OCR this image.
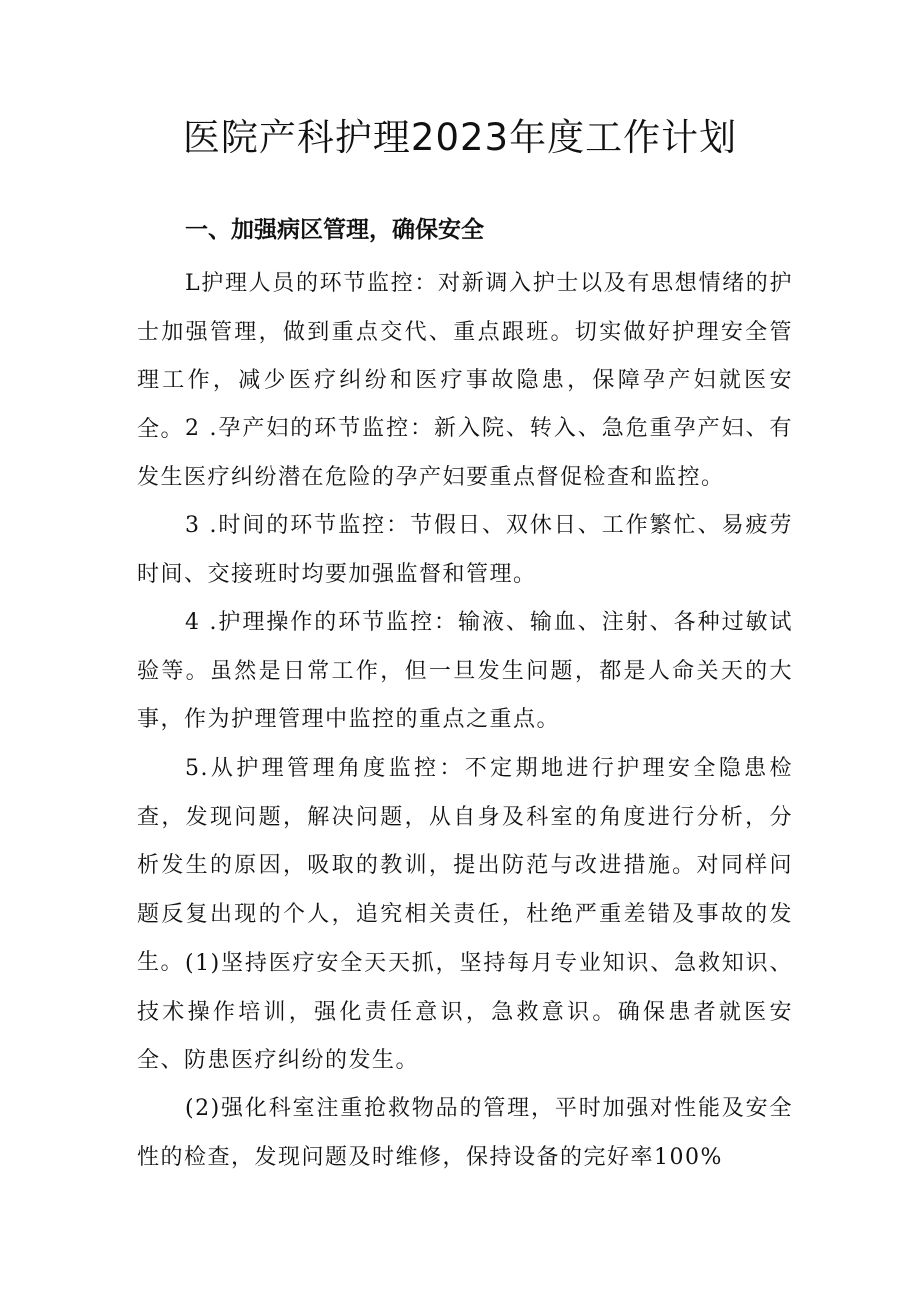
医院产科护理2023年度工作计划
一、加强病区管理，确保安全

L护理人员的环节监控：对新调入护士以及有思想情绪的护士加强管理，做到重点交代、重点跟班。切实做好护理安全管理工作，减少医疗纠纷和医疗事故隐患，保障孕产妇就医安全。 2 .孕产妇的环节监控：新入院、转入、急危重孕产妇、有发生医疗纠纷潜在危险的孕产妇要重点督促检查和监控。

3 .时间的环节监控：节假日、双休日、工作繁忙、易疲劳时间、交接班时均要加强监督和管理。

4 .护理操作的环节监控：输液、输血、注射、各种过敏试验等。虽然是日常工作，但一旦发生问题，都是人命关天的大事，作为护理管理中监控的重点之重点。

5.从护理管理角度监控：不定期地进行护理安全隐患检查，发现问题，解决问题，从自身及科室的角度进行分析，分析发生的原因，吸取的教训，提出防范与改进措施。对同样问题反复出现的个人，追究相关责任，杜绝严重差错及事故的发生。 (1)坚持医疗安全天天抓，坚持每月专业知识、急救知识、技术操作培训，强化责任意识，急救意识。确保患者就医安全、防患医疗纠纷的发生。

(2)强化科室注重抢救物品的管理，平时加强对性能及安全性的检查，发现问题及时维修，保持设备的完好率100%
